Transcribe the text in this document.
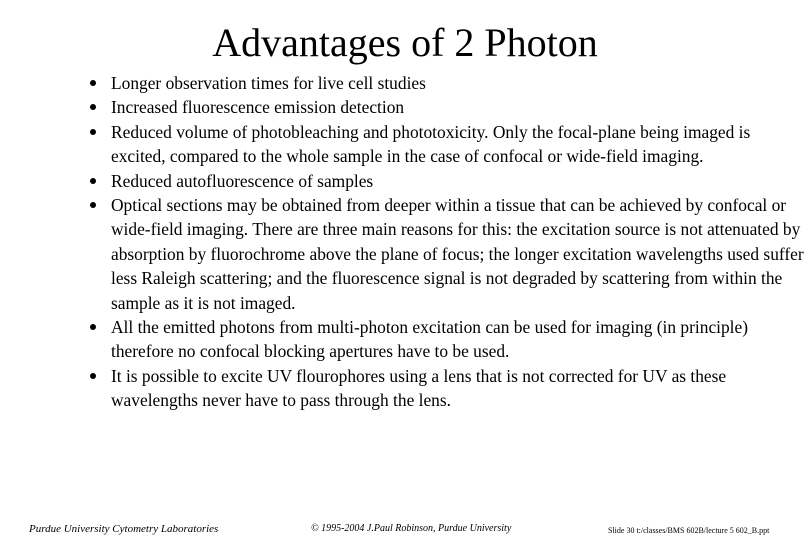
Advantages of 2 Photon
Longer observation times for live cell studies
Increased fluorescence emission detection
Reduced volume of photobleaching and phototoxicity. Only the focal-plane being imaged is excited, compared to the whole sample in the case of confocal or wide-field imaging.
Reduced autofluorescence of samples
Optical sections may be obtained from deeper within a tissue that can be achieved by confocal or wide-field imaging. There are three main reasons for this: the excitation source is not attenuated by absorption by fluorochrome above the plane of focus; the longer excitation wavelengths used suffer less Raleigh scattering; and the fluorescence signal is not degraded by scattering from within the sample as it is not imaged.
All the emitted photons from multi-photon excitation can be used for imaging (in principle) therefore no confocal blocking apertures have to be used.
It is possible to excite UV flourophores using a lens that is not corrected for UV as these wavelengths never have to pass through the lens.
Purdue University Cytometry Laboratories	© 1995-2004 J.Paul Robinson, Purdue University	Slide 30 t:/classes/BMS 602B/lecture 5 602_B.ppt
